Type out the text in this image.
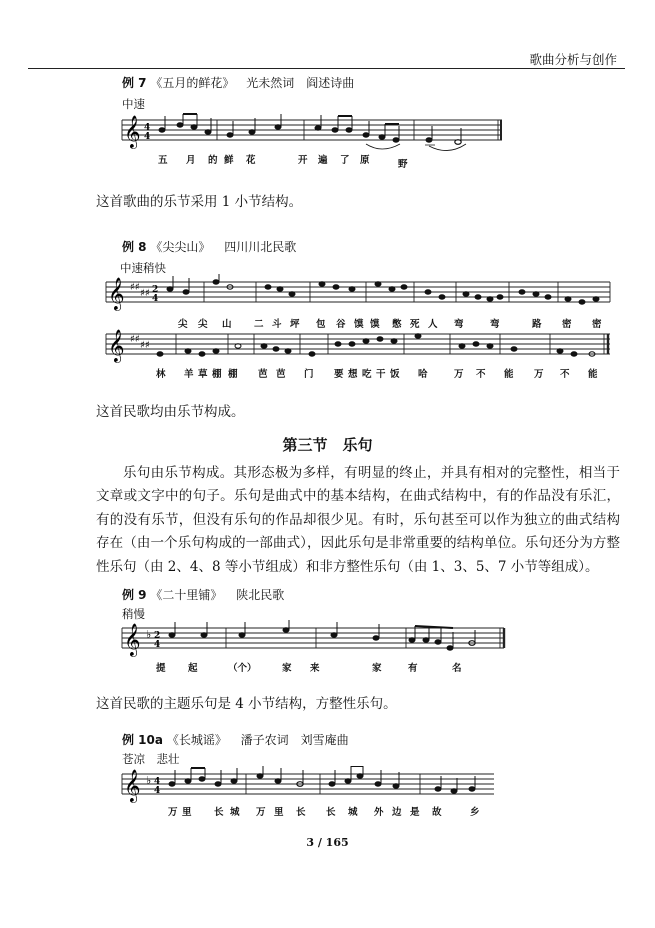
歌曲分析与创作
例 7 《五月的鲜花》 光未然词　阎述诗曲
中速
𝄞 4
4
五 月 的 鲜 花	开 遍 了 原	野
这首歌曲的乐节采用 1 小节结构。
例 8 《尖尖山》 四川川北民歌
中速稍快
𝄞 ♯♯
♯♯ 2
4
尖 尖 山 二 斗 坪 包 谷 馍 馍 憋 死 人 弯	弯	路 密 密
𝄞 ♯♯
♯♯
林 羊 草 棚 棚 芭 芭 门 要 想 吃 干 饭 哈	万 不 能 万 不 能
这首民歌均由乐节构成。
第三节　乐句
乐句由乐节构成。其形态极为多样，有明显的终止，并具有相对的完整性，相当于文章或文字中的句子。乐句是曲式中的基本结构，在曲式结构中，有的作品没有乐汇，有的没有乐节，但没有乐句的作品却很少见。有时，乐句甚至可以作为独立的曲式结构存在（由一个乐句构成的一部曲式），因此乐句是非常重要的结构单位。乐句还分为方整性乐句（由 2、4、8 等小节组成）和非方整性乐句（由 1、3、5、7 小节等组成）。
例 9 《二十里铺》 陕北民歌
稍慢
𝄞 ♭ 2
4
提 起	（个）	家 来	家	有	名
这首民歌的主题乐句是 4 小节结构，方整性乐句。
例 10a 《长城谣》 潘子农词　刘雪庵曲
苍凉　悲壮
𝄞 ♭ 4
4
万 里 长 城 万 里 长 长 城 外 边 是 故	乡
3 / 165
